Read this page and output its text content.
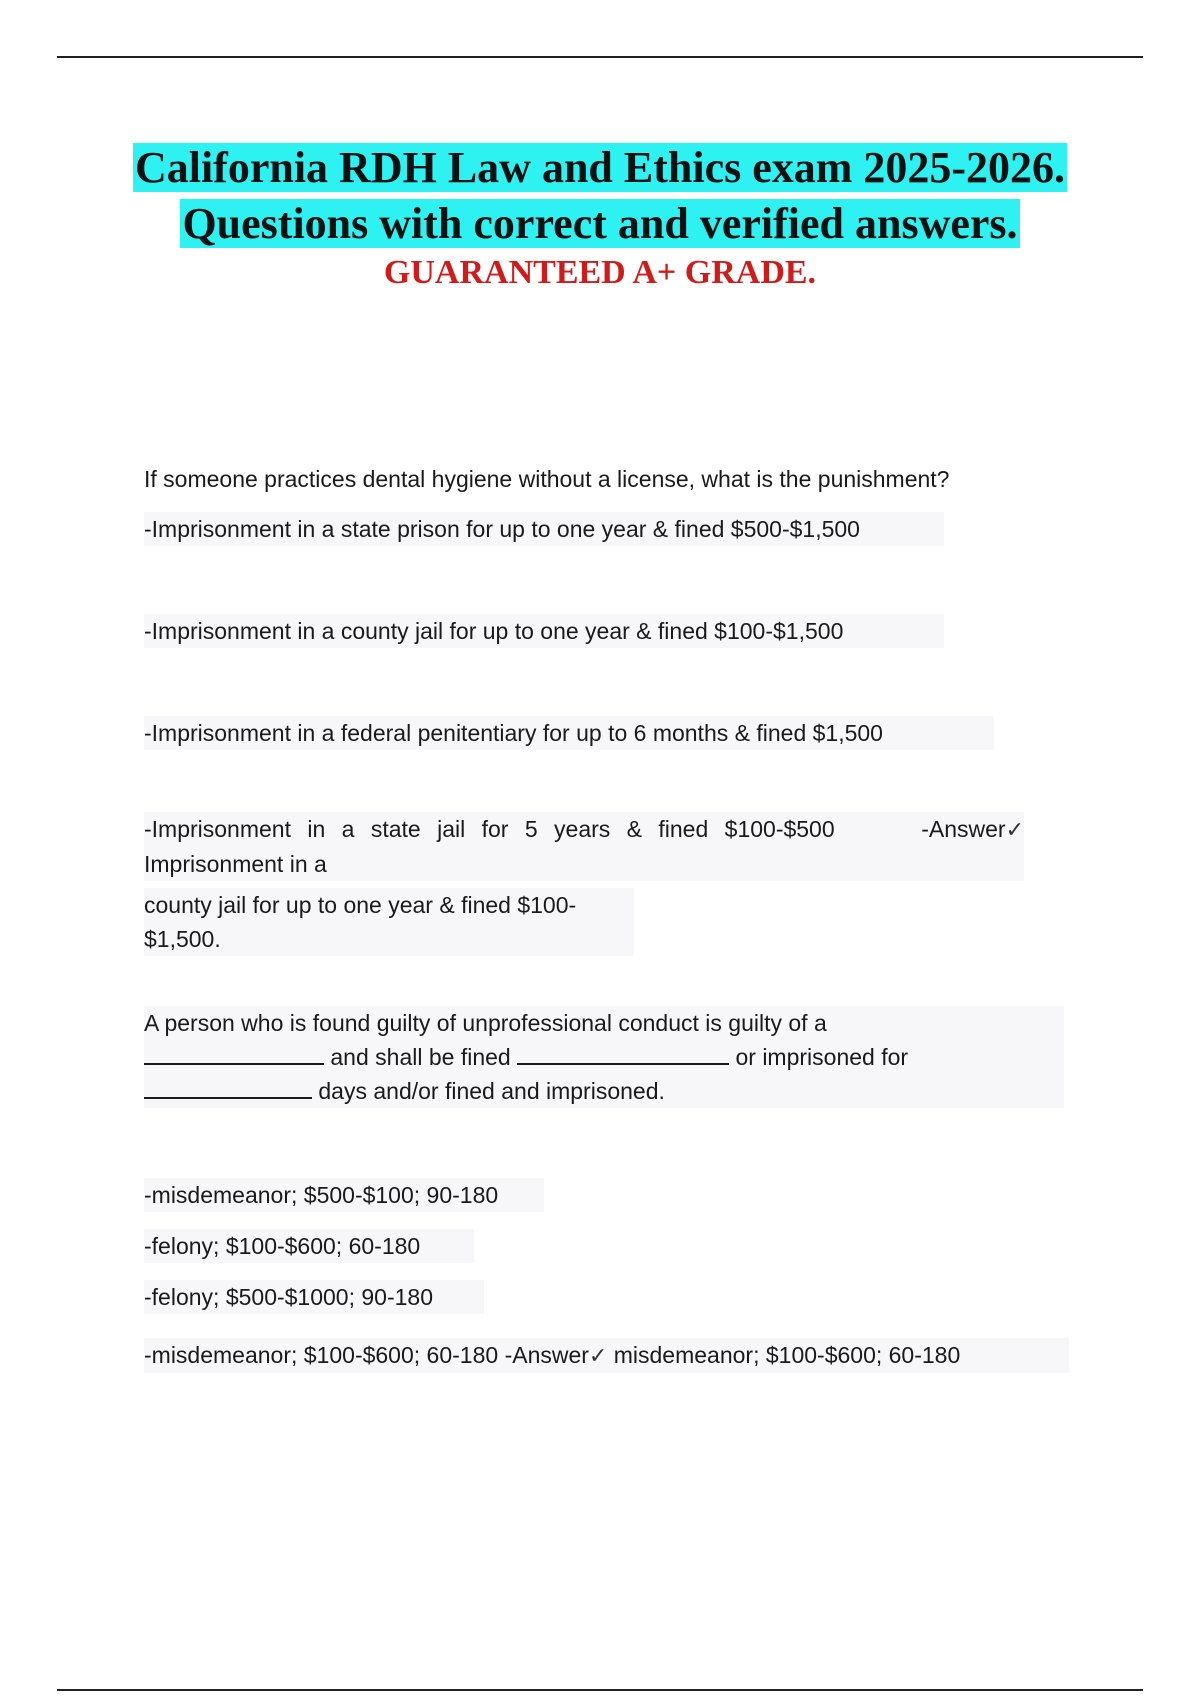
California RDH Law and Ethics exam 2025-2026. Questions with correct and verified answers.

GUARANTEED A+ GRADE.

If someone practices dental hygiene without a license, what is the punishment?
-Imprisonment in a state prison for up to one year & fined $500-$1,500
-Imprisonment in a county jail for up to one year & fined $100-$1,500
-Imprisonment in a federal penitentiary for up to 6 months & fined $1,500
-Imprisonment in a state jail for 5 years & fined $100-$500	-Answer✓
Imprisonment in a
county jail for up to one year & fined $100-
$1,500.
A person who is found guilty of unprofessional conduct is guilty of a
and shall be fined	or imprisoned for
days and/or fined and imprisoned.
-misdemeanor; $500-$100; 90-180
-felony; $100-$600; 60-180
-felony; $500-$1000; 90-180
-misdemeanor; $100-$600; 60-180 -Answer✓ misdemeanor; $100-$600; 60-180
